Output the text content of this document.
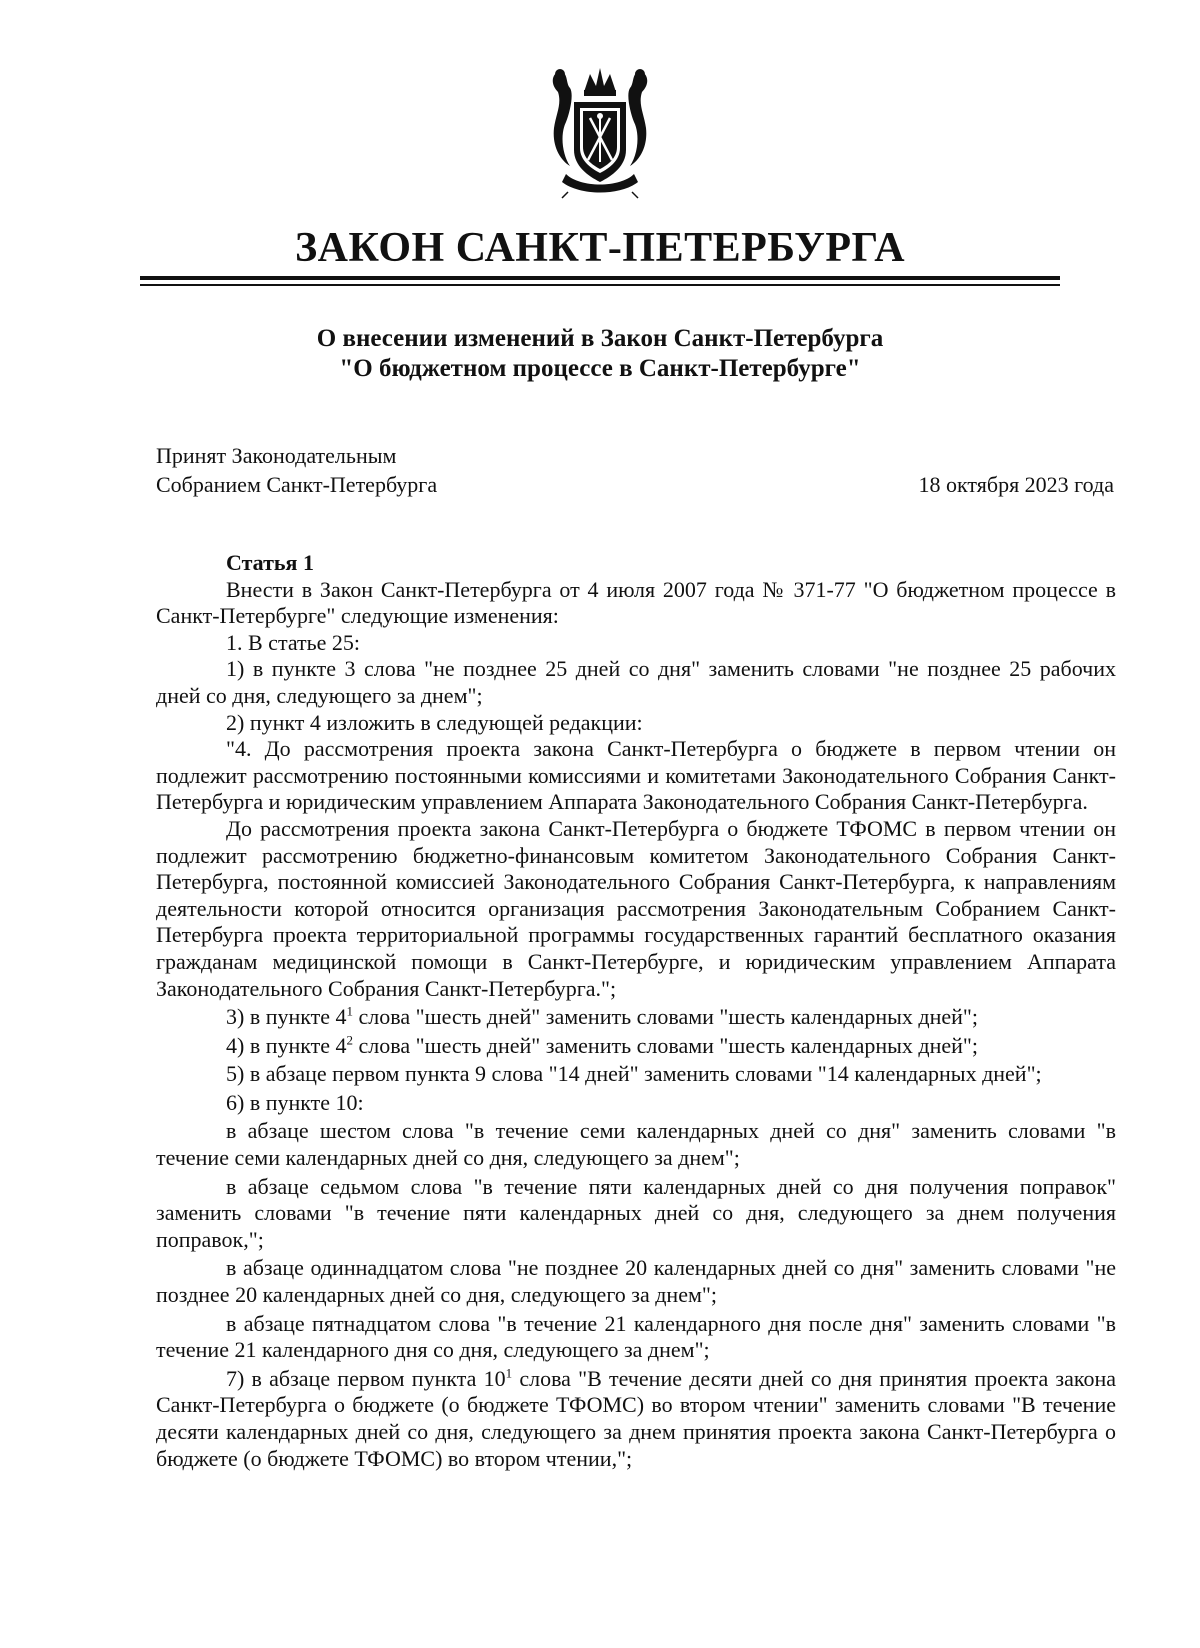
ЗАКОН САНКТ-ПЕТЕРБУРГА
О внесении изменений в Закон Санкт-Петербурга
"О бюджетном процессе в Санкт-Петербурге"
Принят Законодательным
Собранием Санкт-Петербурга	18 октября 2023 года

Статья 1

Внести в Закон Санкт-Петербурга от 4 июля 2007 года № 371-77 "О бюджетном процессе в Санкт-Петербурге" следующие изменения:

1. В статье 25:

1) в пункте 3 слова "не позднее 25 дней со дня" заменить словами "не позднее 25 рабочих дней со дня, следующего за днем";

2) пункт 4 изложить в следующей редакции:

"4. До рассмотрения проекта закона Санкт-Петербурга о бюджете в первом чтении он подлежит рассмотрению постоянными комиссиями и комитетами Законодательного Собрания Санкт-Петербурга и юридическим управлением Аппарата Законодательного Собрания Санкт-Петербурга.

До рассмотрения проекта закона Санкт-Петербурга о бюджете ТФОМС в первом чтении он подлежит рассмотрению бюджетно-финансовым комитетом Законодательного Собрания Санкт-Петербурга, постоянной комиссией Законодательного Собрания Санкт-Петербурга, к направлениям деятельности которой относится организация рассмотрения Законодательным Собранием Санкт-Петербурга проекта территориальной программы государственных гарантий бесплатного оказания гражданам медицинской помощи в Санкт-Петербурге, и юридическим управлением Аппарата Законодательного Собрания Санкт-Петербурга.";

3) в пункте $4^1$ слова "шесть дней" заменить словами "шесть календарных дней";

4) в пункте $4^2$ слова "шесть дней" заменить словами "шесть календарных дней";

5) в абзаце первом пункта 9 слова "14 дней" заменить словами "14 календарных дней";

6) в пункте 10:

в абзаце шестом слова "в течение семи календарных дней со дня" заменить словами "в течение семи календарных дней со дня, следующего за днем";

в абзаце седьмом слова "в течение пяти календарных дней со дня получения поправок" заменить словами "в течение пяти календарных дней со дня, следующего за днем получения поправок,";

в абзаце одиннадцатом слова "не позднее 20 календарных дней со дня" заменить словами "не позднее 20 календарных дней со дня, следующего за днем";

в абзаце пятнадцатом слова "в течение 21 календарного дня после дня" заменить словами "в течение 21 календарного дня со дня, следующего за днем";

7) в абзаце первом пункта $10^1$ слова "В течение десяти дней со дня принятия проекта закона Санкт-Петербурга о бюджете (о бюджете ТФОМС) во втором чтении" заменить словами "В течение десяти календарных дней со дня, следующего за днем принятия проекта закона Санкт-Петербурга о бюджете (о бюджете ТФОМС) во втором чтении,";
